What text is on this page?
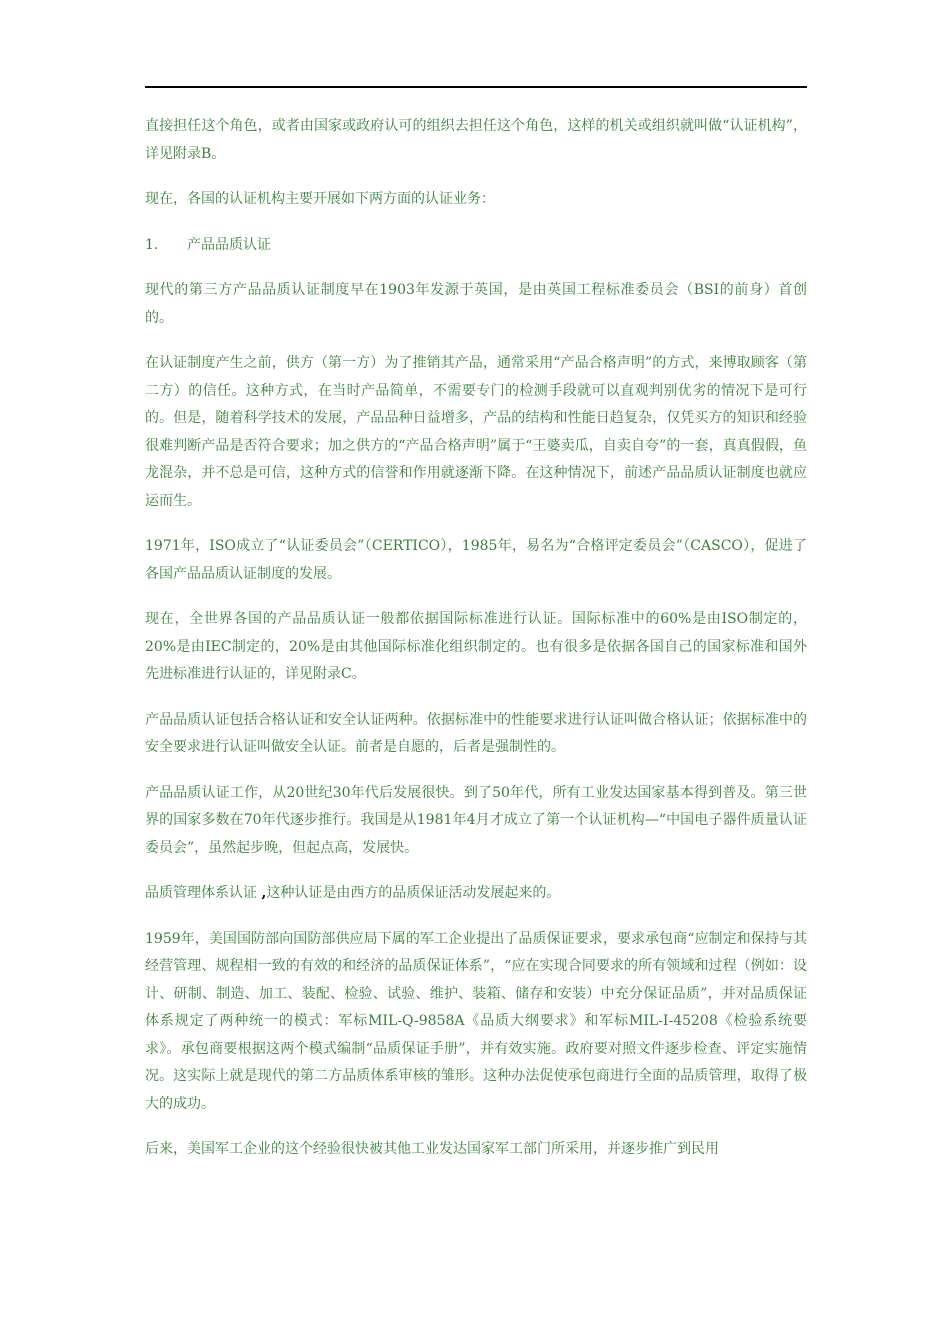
直接担任这个角色，或者由国家或政府认可的组织去担任这个角色，这样的机关或组织就叫做“认证机构”，详见附录B。

现在，各国的认证机构主要开展如下两方面的认证业务：

1. 产品品质认证

现代的第三方产品品质认证制度早在1903年发源于英国，是由英国工程标准委员会（BSI的前身）首创的。

在认证制度产生之前，供方（第一方）为了推销其产品，通常采用“产品合格声明”的方式，来博取顾客（第二方）的信任。这种方式，在当时产品简单，不需要专门的检测手段就可以直观判别优劣的情况下是可行的。但是，随着科学技术的发展，产品品种日益增多，产品的结构和性能日趋复杂，仅凭买方的知识和经验很难判断产品是否符合要求；加之供方的“产品合格声明”属于“王婆卖瓜，自卖自夸”的一套，真真假假，鱼龙混杂，并不总是可信，这种方式的信誉和作用就逐渐下降。在这种情况下，前述产品品质认证制度也就应运而生。

1971年，ISO成立了“认证委员会”（CERTICO），1985年，易名为“合格评定委员会”（CASCO），促进了各国产品品质认证制度的发展。

现在，全世界各国的产品品质认证一般都依据国际标准进行认证。国际标准中的60%是由ISO制定的，20%是由IEC制定的，20%是由其他国际标准化组织制定的。也有很多是依据各国自己的国家标准和国外先进标准进行认证的，详见附录C。

产品品质认证包括合格认证和安全认证两种。依据标准中的性能要求进行认证叫做合格认证；依据标准中的安全要求进行认证叫做安全认证。前者是自愿的，后者是强制性的。

产品品质认证工作，从20世纪30年代后发展很快。到了50年代，所有工业发达国家基本得到普及。第三世界的国家多数在70年代逐步推行。我国是从1981年4月才成立了第一个认证机构—“中国电子器件质量认证委员会”，虽然起步晚，但起点高，发展快。

品质管理体系认证 ,这种认证是由西方的品质保证活动发展起来的。

1959年，美国国防部向国防部供应局下属的军工企业提出了品质保证要求，要求承包商“应制定和保持与其经营管理、规程相一致的有效的和经济的品质保证体系”，“应在实现合同要求的所有领域和过程（例如：设计、研制、制造、加工、装配、检验、试验、维护、装箱、储存和安装）中充分保证品质”，并对品质保证体系规定了两种统一的模式：军标MIL-Q-9858A《品质大纲要求》和军标MIL-I-45208《检验系统要求》。承包商要根据这两个模式编制“品质保证手册”，并有效实施。政府要对照文件逐步检查、评定实施情况。这实际上就是现代的第二方品质体系审核的雏形。这种办法促使承包商进行全面的品质管理，取得了极大的成功。

后来，美国军工企业的这个经验很快被其他工业发达国家军工部门所采用，并逐步推广到民用
